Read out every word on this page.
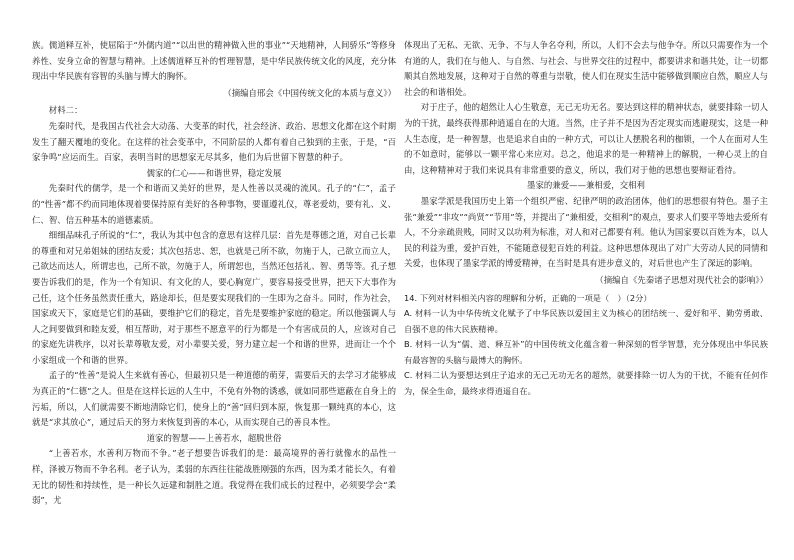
族。儒道释互补，使屈陷于“外儒内道”“以出世的精神做入世的事业”“天地精神，人间骄乐”等修身养性、安身立命的智慧与精神。上述儒道释互补的哲理智慧，是中华民族传统文化的风度，充分体现出中华民族有容智的头脑与博大的胸怀。

（摘编自邢会《中国传统文化的本质与意义》）

材料二：

先秦时代，是我国古代社会大动荡、大变革的时代，社会经济、政治、思想文化都在这个时期发生了翻天覆地的变化。在这样的社会变革中，不同阶层的人都有着自己独到的主张，于是，“百家争鸣”应运而生。百家，表明当时的思想家无尽其多，他们为后世留下智慧的种子。

儒家的仁心——和谐世界，稳定发展

先秦时代的儒学，是一个和谐而又美好的世界，是人性善以灵魂的流风。孔子的“仁”，孟子的“性善”都不约而同地体现着要保持原有美好的各种事物，要谨遵礼仪，尊老爱幼，要有礼、义、仁、智、信五种基本的道德素质。

细细品味孔子所说的“仁”，我认为其中包含的意思有这样几层：首先是尊德之道，对自己长辈的尊重和对兄弟姐妹的团结友爱；其次包括忠、恕，也就是己所不欲，勿施于人，己欲立而立人，己欲达而达人，所谓忠也，己所不欲，勿施于人，所谓恕也，当然还包括礼、智、勇等等。孔子想要告诉我们的是，作为一个有知识、有文化的人，要心胸宽广，要容易接受世界，把天下大事作为己任，这个任务虽然责任重大，路途却长，但是要实现我们的一生即为之奋斗。同时，作为社会，国家或天下，家庭是它们的基础，要维护它们的稳定，首先是要维护家庭的稳定。所以他强调人与人之间要做到和睦友爱，相互帮助，对于那些不愿意平的行为都是一个有害成员的人，应该对自己的家庭先讲秩序，以对长辈尊敬友爱，对小辈要关爱，努力建立起一个和谐的世界，进而让一个个小家组成一个和谐的世界。

孟子的“性善”是说人生来就有善心，但最初只是一种道德的萌芽，需要后天的去学习才能够成为真正的“仁德”之人。但是在这样长远的人生中，不免有外物的诱惑，就如同那些遮蔽在自身上的污垢，所以，人们就需要不断地清除它们，使身上的“善”回归到本原，恢复那一颗纯真的本心，这就是“求其放心”，通过后天的努力来恢复到善的本心，从而实现自己的善良本性。

道家的智慧——上善若水，超脱世俗

“上善若水，水善利万物而不争。”老子想要告诉我们的是：最高境界的善行就像水的品性一样，泽被万物而不争名利。老子认为，柔弱的东西往往能战胜刚强的东西，因为柔才能长久，有着无比的韧性和持续性，是一种长久远建和制胜之道。我觉得在我们成长的过程中，必须要学会“柔弱”，尤

体现出了无私、无欲、无争、不与人争名夺利，所以，人们不会去与他争夺。所以只需要作为一个有道的人，我们在与他人、与自然、与社会、与世界交往的过程中，都要讲求和谐共处，让一切都顺其自然地发展，这种对于自然的尊重与崇敬，使人们在现实生活中能够做到顺应自然，顺应人与社会的和谐相处。

对于庄子，他的超然让人心生敬意，无己无功无名。要达到这样的精神状态，就要排除一切人为的干扰，最终获得那种逍遥自在的大道。当然，庄子并不是因为否定现实而逃避现实，这是一种人生态度，是一种智慧，也是追求自由的一种方式，可以让人摆脱名利的枷锁，一个人在面对人生的不如意时，能够以一颗平常心来应对。总之，他追求的是一种精神上的解脱，一种心灵上的自由，这种精神对于我们来说具有非常重要的意义，所以，我们对于他的思想也要辩证看待。

墨家的兼爱——兼相爱，交相利

墨家学派是我国历史上第一个组织严密、纪律严明的政治团体，他们的思想很有特色。墨子主张“兼爱”“非攻”“尚贤”“节用”等，并提出了“兼相爱，交相利”的观点，要求人们要平等地去爱所有人，不分亲疏贵贱，同时又以功利为标准，对人和对己都要有利。他认为国家要以百姓为本，以人民的利益为重，爱护百姓，不能随意侵犯百姓的利益。这种思想体现出了对广大劳动人民的同情和关爱，也体现了墨家学派的博爱精神，在当时是具有进步意义的，对后世也产生了深远的影响。

（摘编自《先秦诸子思想对现代社会的影响》）

14. 下列对材料相关内容的理解和分析，正确的一项是（　）（2分）

A. 材料一认为中华传统文化赋予了中华民族以爱国主义为核心的团结统一、爱好和平、勤劳勇敢、自强不息的伟大民族精神。

B. 材料一认为“儒、道、释互补”的中国传统文化蕴含着一种深刻的哲学智慧，充分体现出中华民族有最容智的头脑与最博大的胸怀。

C. 材料二认为要想达到庄子追求的无己无功无名的超然，就要排除一切人为的干扰，不能有任何作为，保全生命，最终求得逍遥自在。
